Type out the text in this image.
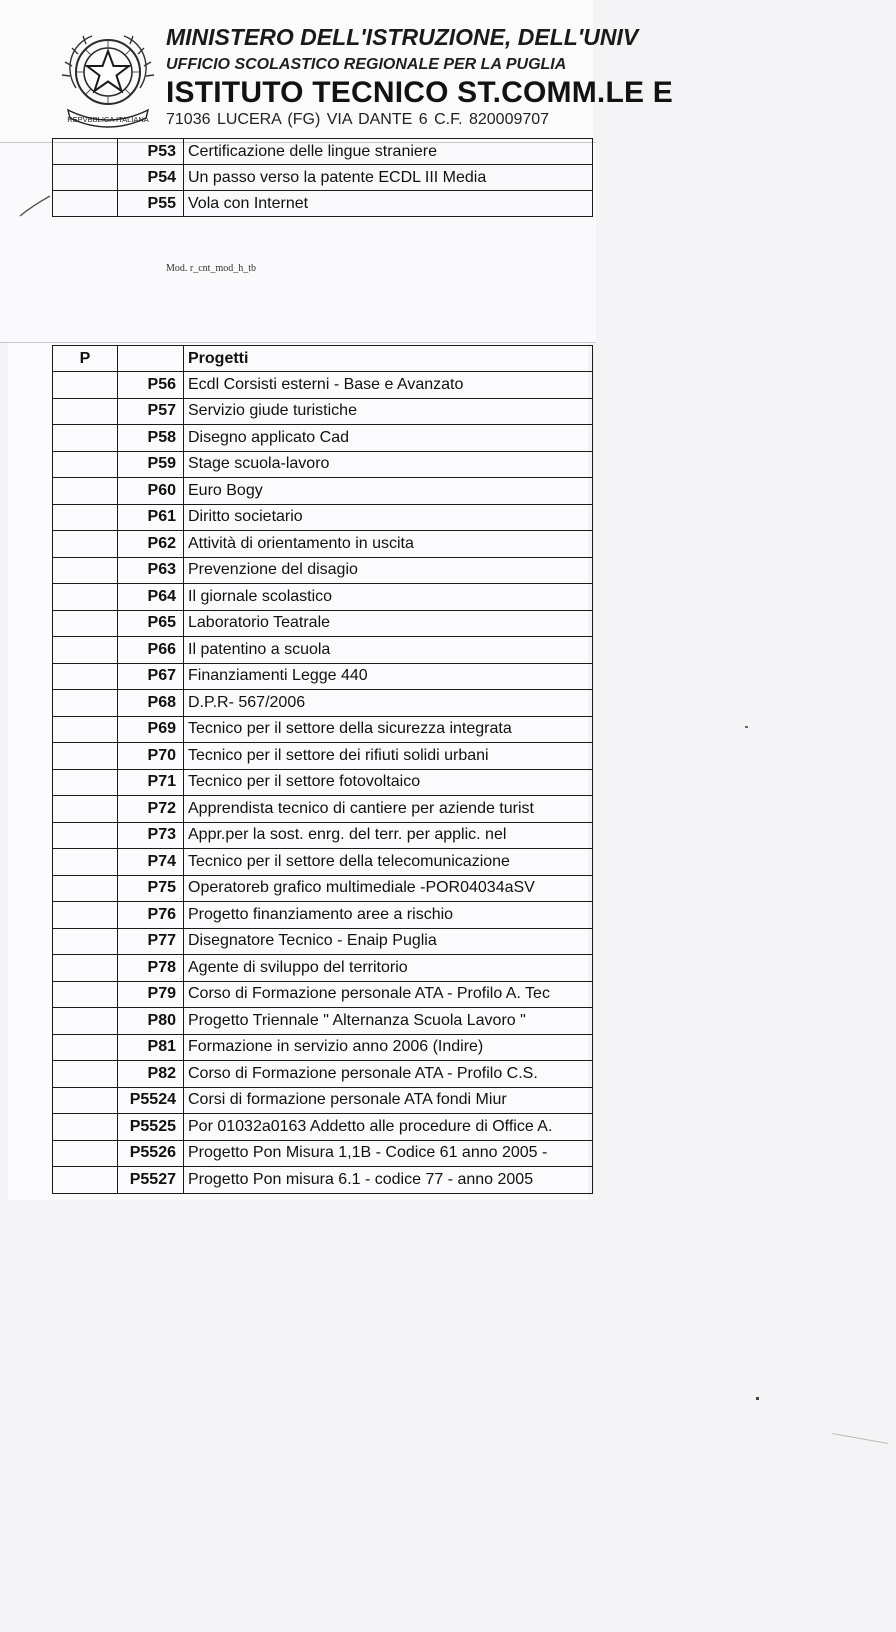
REPVBBLICA ITALIANA
MINISTERO DELL'ISTRUZIONE, DELL'UNIV
UFFICIO SCOLASTICO REGIONALE PER LA PUGLIA
ISTITUTO TECNICO ST.COMM.LE E
71036 LUCERA (FG) VIA DANTE 6 C.F. 820009707
	P53	Certificazione delle lingue straniere
	P54	Un passo verso la patente ECDL III Media
	P55	Vola con Internet
Mod. r_cnt_mod_h_tb
P		Progetti
	P56	Ecdl Corsisti esterni - Base e Avanzato
	P57	Servizio giude turistiche
	P58	Disegno applicato Cad
	P59	Stage scuola-lavoro
	P60	Euro Bogy
	P61	Diritto societario
	P62	Attività di orientamento in uscita
	P63	Prevenzione del disagio
	P64	Il giornale scolastico
	P65	Laboratorio Teatrale
	P66	Il patentino a scuola
	P67	Finanziamenti Legge 440
	P68	D.P.R- 567/2006
	P69	Tecnico per il settore della sicurezza integrata
	P70	Tecnico per il settore dei rifiuti solidi urbani
	P71	Tecnico per il settore fotovoltaico
	P72	Apprendista tecnico di cantiere per aziende turist
	P73	Appr.per la sost. enrg. del terr. per applic. nel
	P74	Tecnico per il settore della telecomunicazione
	P75	Operatoreb grafico multimediale -POR04034aSV
	P76	Progetto finanziamento aree a rischio
	P77	Disegnatore Tecnico - Enaip Puglia
	P78	Agente di sviluppo del territorio
	P79	Corso di Formazione personale ATA - Profilo A. Tec
	P80	Progetto Triennale " Alternanza Scuola Lavoro "
	P81	Formazione in servizio anno 2006 (Indire)
	P82	Corso di Formazione personale ATA - Profilo C.S.
	P5524	Corsi di formazione personale ATA fondi Miur
	P5525	Por 01032a0163 Addetto alle procedure di Office A.
	P5526	Progetto Pon Misura 1,1B - Codice 61 anno 2005 -
	P5527	Progetto Pon misura 6.1 - codice 77 - anno 2005
